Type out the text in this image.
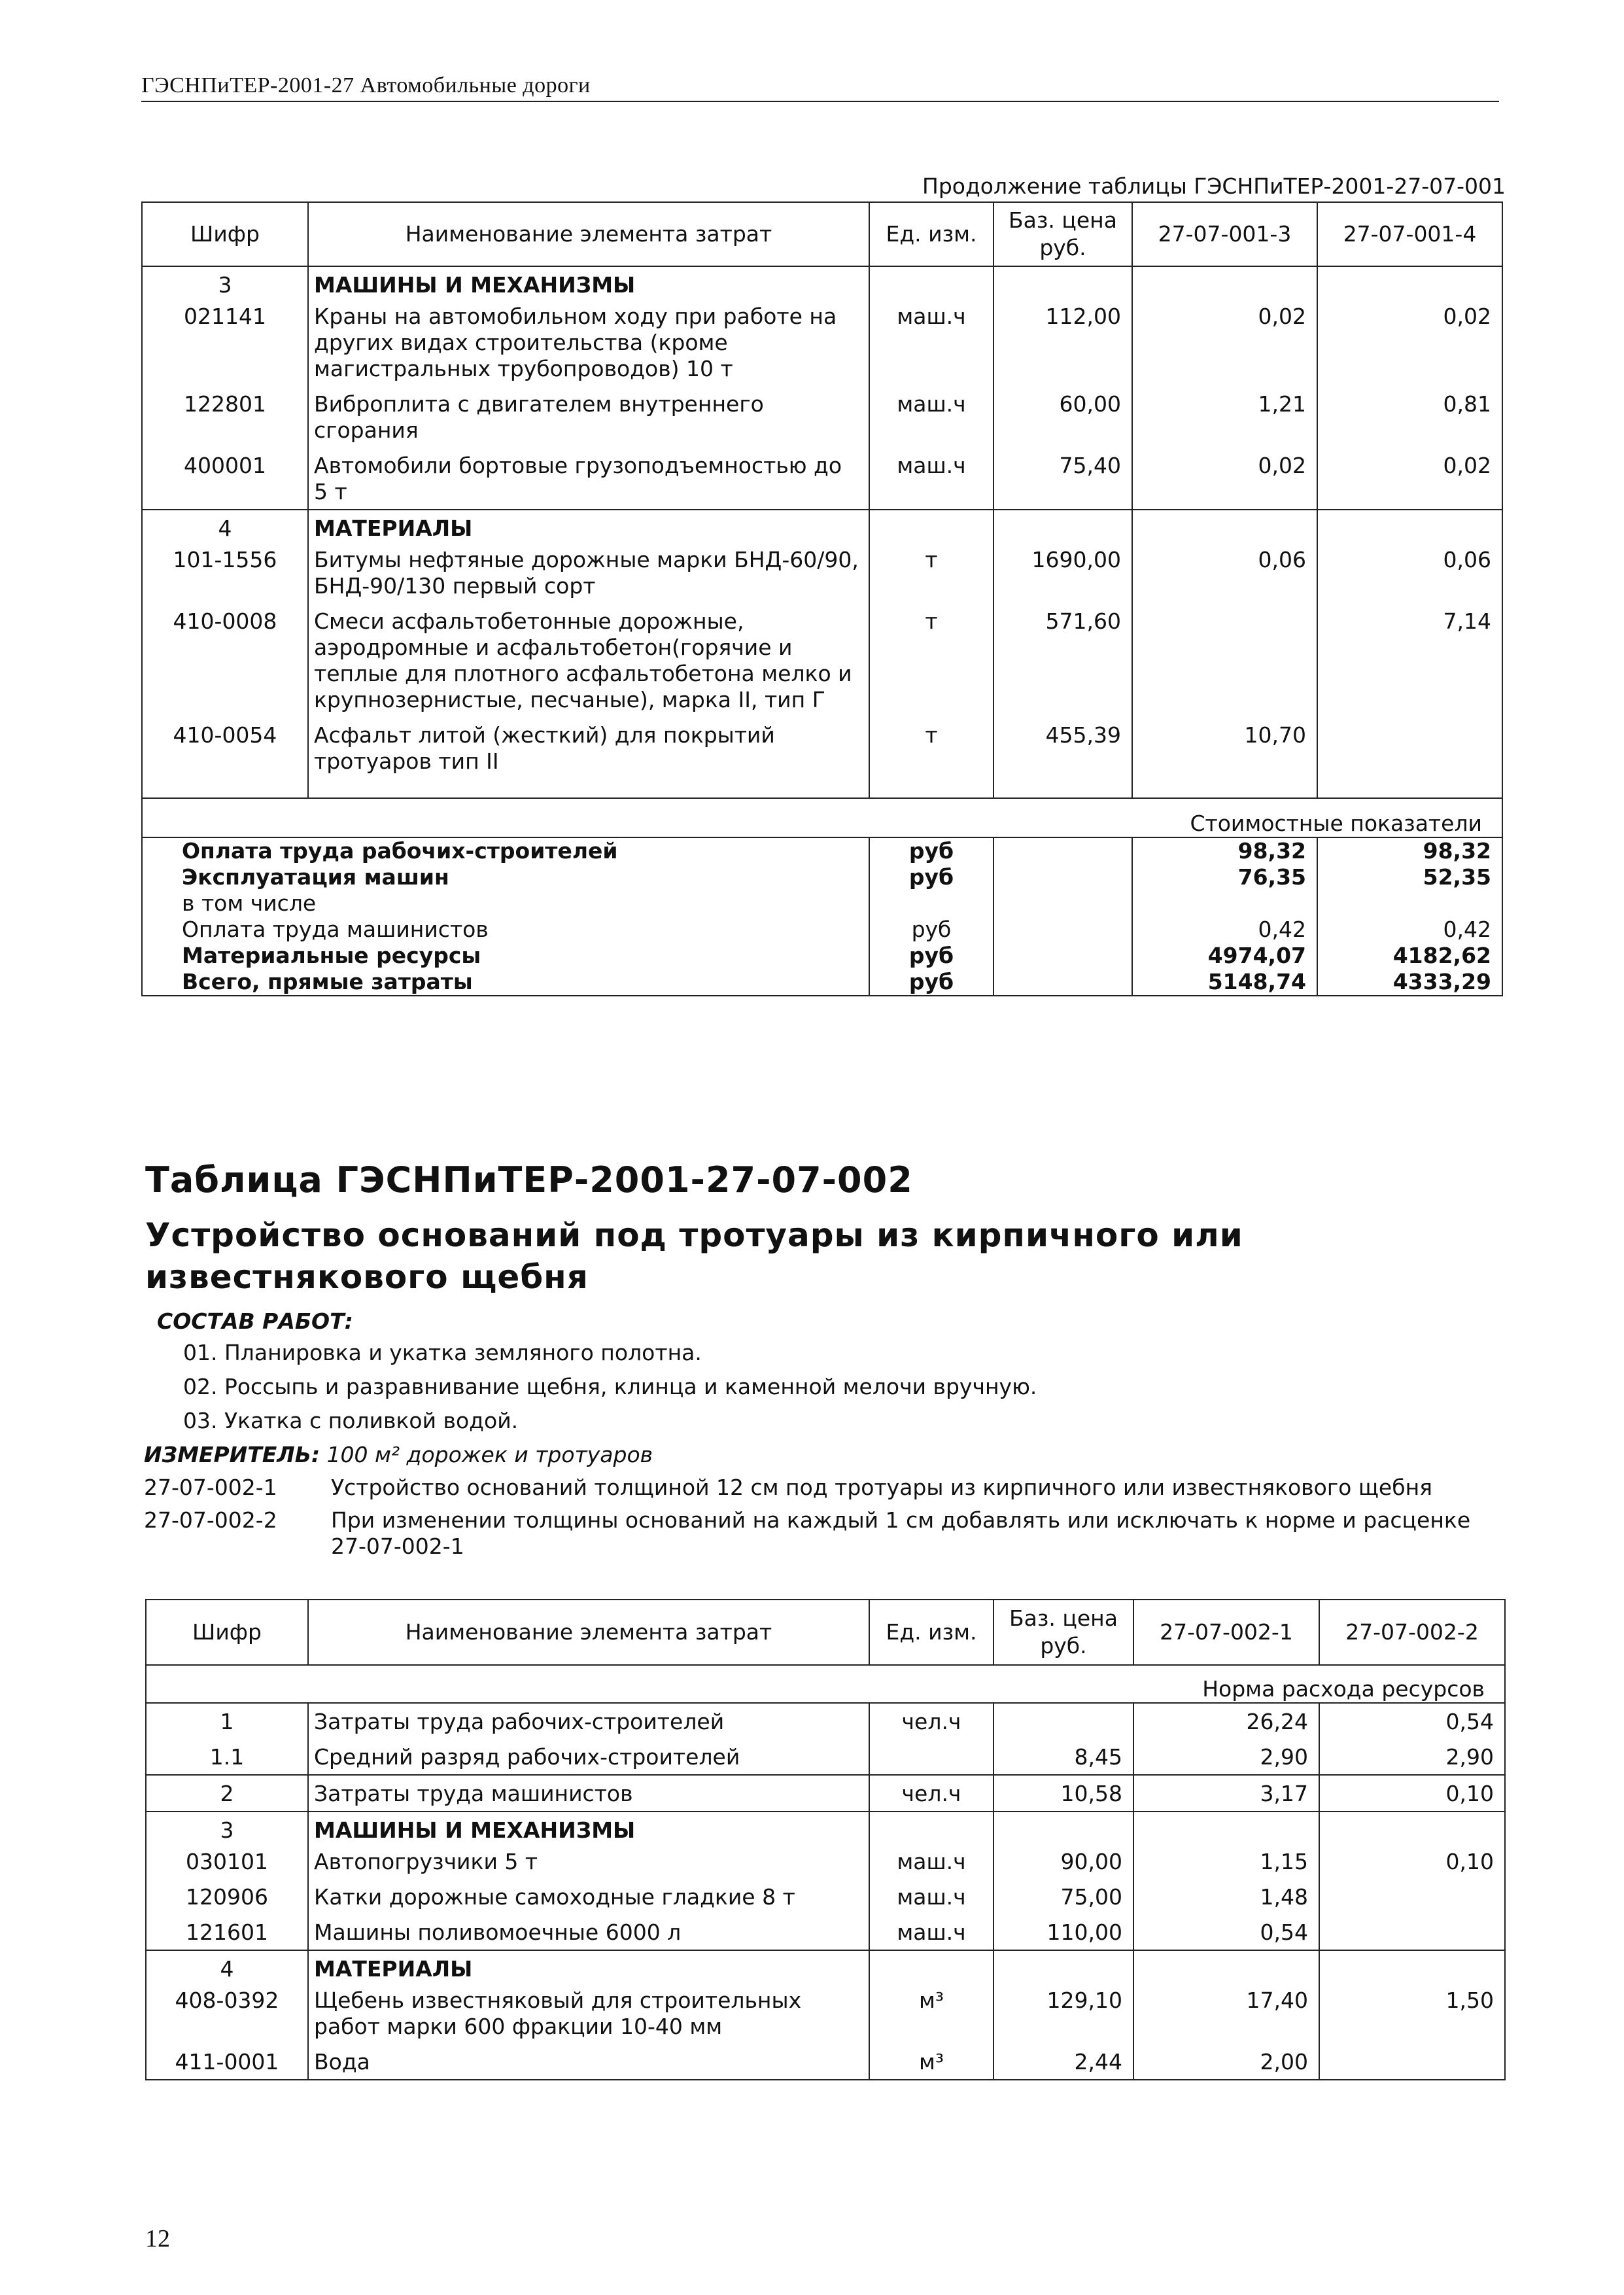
ГЭСНПиТЕР-2001-27 Автомобильные дороги
Продолжение таблицы ГЭСНПиТЕР-2001-27-07-001
Шифр	Наименование элемента затрат	Ед. изм.	Баз. цена руб.	27-07-001-3	27-07-001-4
3	МАШИНЫ И МЕХАНИЗМЫ				
021141	Краны на автомобильном ходу при работе на других видах строительства (кроме магистральных трубопроводов) 10 т	маш.ч	112,00	0,02	0,02
122801	Виброплита с двигателем внутреннего сгорания	маш.ч	60,00	1,21	0,81
400001	Автомобили бортовые грузоподъемностью до 5 т	маш.ч	75,40	0,02	0,02
4	МАТЕРИАЛЫ				
101-1556	Битумы нефтяные дорожные марки БНД-60/90, БНД-90/130 первый сорт	т	1690,00	0,06	0,06
410-0008	Смеси асфальтобетонные дорожные, аэродромные и асфальтобетон(горячие и теплые для плотного асфальтобетона мелко и крупнозернистые, песчаные), марка II, тип Г	т	571,60		7,14
410-0054	Асфальт литой (жесткий) для покрытий тротуаров тип II	т	455,39	10,70	

Стоимостные показатели					
Оплата труда рабочих-строителей		руб		98,32	98,32
Эксплуатация машин		руб		76,35	52,35
в том числе					
Оплата труда машинистов		руб		0,42	0,42
Материальные ресурсы		руб		4974,07	4182,62
Всего, прямые затраты		руб		5148,74	4333,29
Таблица ГЭСНПиТЕР-2001-27-07-002
Устройство оснований под тротуары из кирпичного или известнякового щебня
СОСТАВ РАБОТ:
01. Планировка и укатка земляного полотна.
02. Россыпь и разравнивание щебня, клинца и каменной мелочи вручную.
03. Укатка с поливкой водой.
ИЗМЕРИТЕЛЬ: 100 м² дорожек и тротуаров
27-07-002-1 Устройство оснований толщиной 12 см под тротуары из кирпичного или известнякового щебня
27-07-002-2 При изменении толщины оснований на каждый 1 см добавлять или исключать к норме и расценке 27-07-002-1
Шифр	Наименование элемента затрат	Ед. изм.	Баз. цена руб.	27-07-002-1	27-07-002-2
Норма расхода ресурсов					
1	Затраты труда рабочих-строителей	чел.ч		26,24	0,54
1.1	Средний разряд рабочих-строителей		8,45	2,90	2,90
2	Затраты труда машинистов	чел.ч	10,58	3,17	0,10
3	МАШИНЫ И МЕХАНИЗМЫ				
030101	Автопогрузчики 5 т	маш.ч	90,00	1,15	0,10
120906	Катки дорожные самоходные гладкие 8 т	маш.ч	75,00	1,48	
121601	Машины поливомоечные 6000 л	маш.ч	110,00	0,54	
4	МАТЕРИАЛЫ				
408-0392	Щебень известняковый для строительных работ марки 600 фракции 10-40 мм	м³	129,10	17,40	1,50
411-0001	Вода	м³	2,44	2,00	
12
